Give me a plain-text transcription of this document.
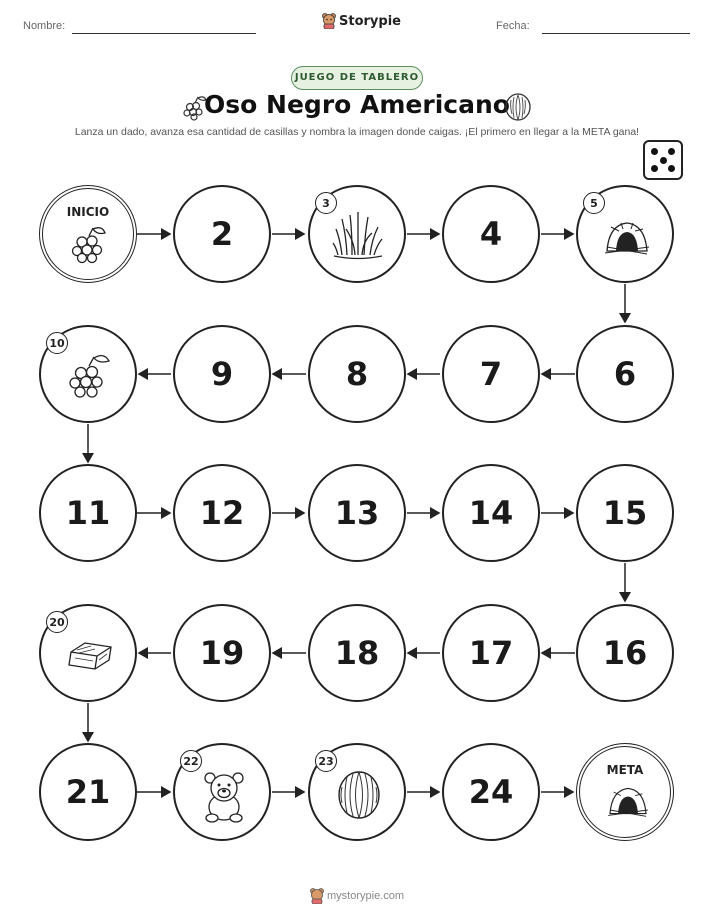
Nombre:	Storypie	Fecha:
JUEGO DE TABLERO
Oso Negro Americano
Lanza un dado, avanza esa cantidad de casillas y nombra la imagen donde caigas. ¡El primero en llegar a la META gana!
INICIO
2
3
4
5
10
9	8	7	6
11	12	13	14	15
20
19	18	17	16
21
22	23
24
META
mystorypie.com
